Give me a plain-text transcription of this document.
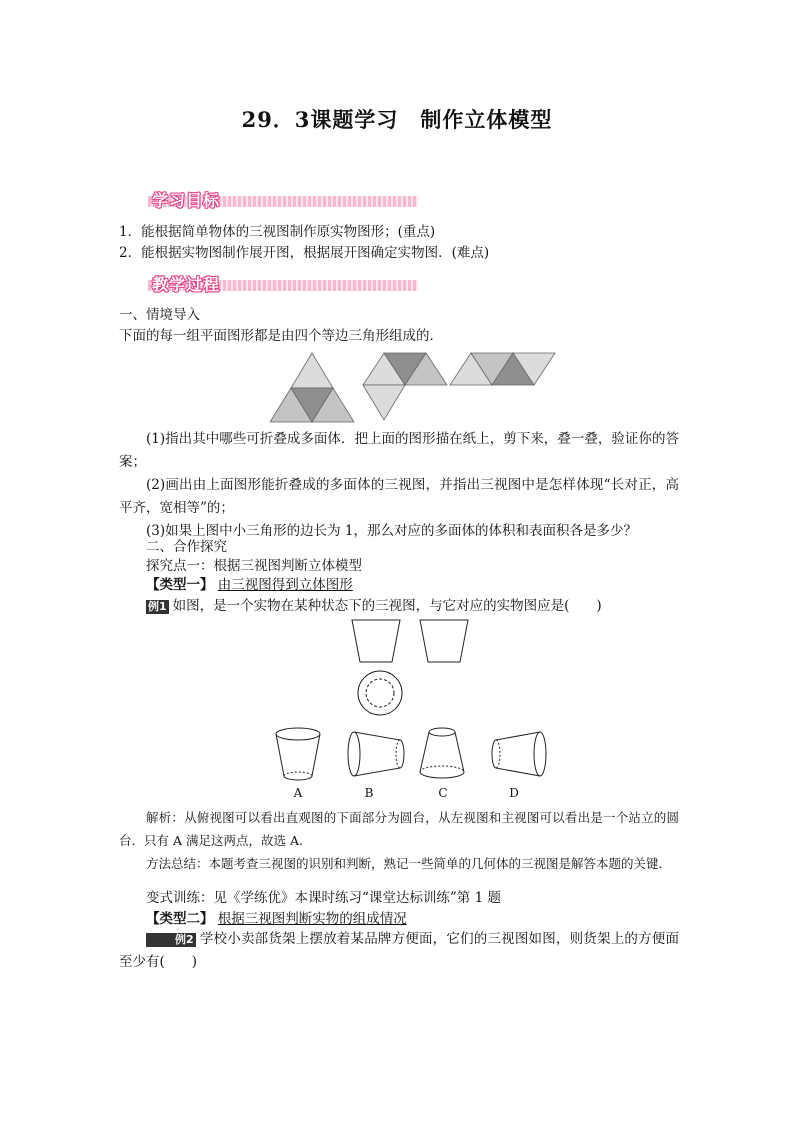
29．3课题学习　制作立体模型
学习目标
1．能根据简单物体的三视图制作原实物图形；(重点)
2．能根据实物图制作展开图，根据展开图确定实物图．(难点)
教学过程
一、情境导入
下面的每一组平面图形都是由四个等边三角形组成的．
(1)指出其中哪些可折叠成多面体．把上面的图形描在纸上，剪下来，叠一叠，验证你的答案；
(2)画出由上面图形能折叠成的多面体的三视图，并指出三视图中是怎样体现“长对正，高平齐，宽相等”的；
(3)如果上图中小三角形的边长为 1，那么对应的多面体的体积和表面积各是多少？
二、合作探究
探究点一：根据三视图判断立体模型
【类型一】 由三视图得到立体图形
例1 如图，是一个实物在某种状态下的三视图，与它对应的实物图应是(　　)
A	B	C	D
解析：从俯视图可以看出直观图的下面部分为圆台，从左视图和主视图可以看出是一个站立的圆台．只有 A 满足这两点，故选 A.
方法总结：本题考查三视图的识别和判断，熟记一些简单的几何体的三视图是解答本题的关键．
变式训练：见《学练优》本课时练习“课堂达标训练”第 1 题
【类型二】 根据三视图判断实物的组成情况
例2 学校小卖部货架上摆放着某品牌方便面，它们的三视图如图，则货架上的方便面至少有(　　)
